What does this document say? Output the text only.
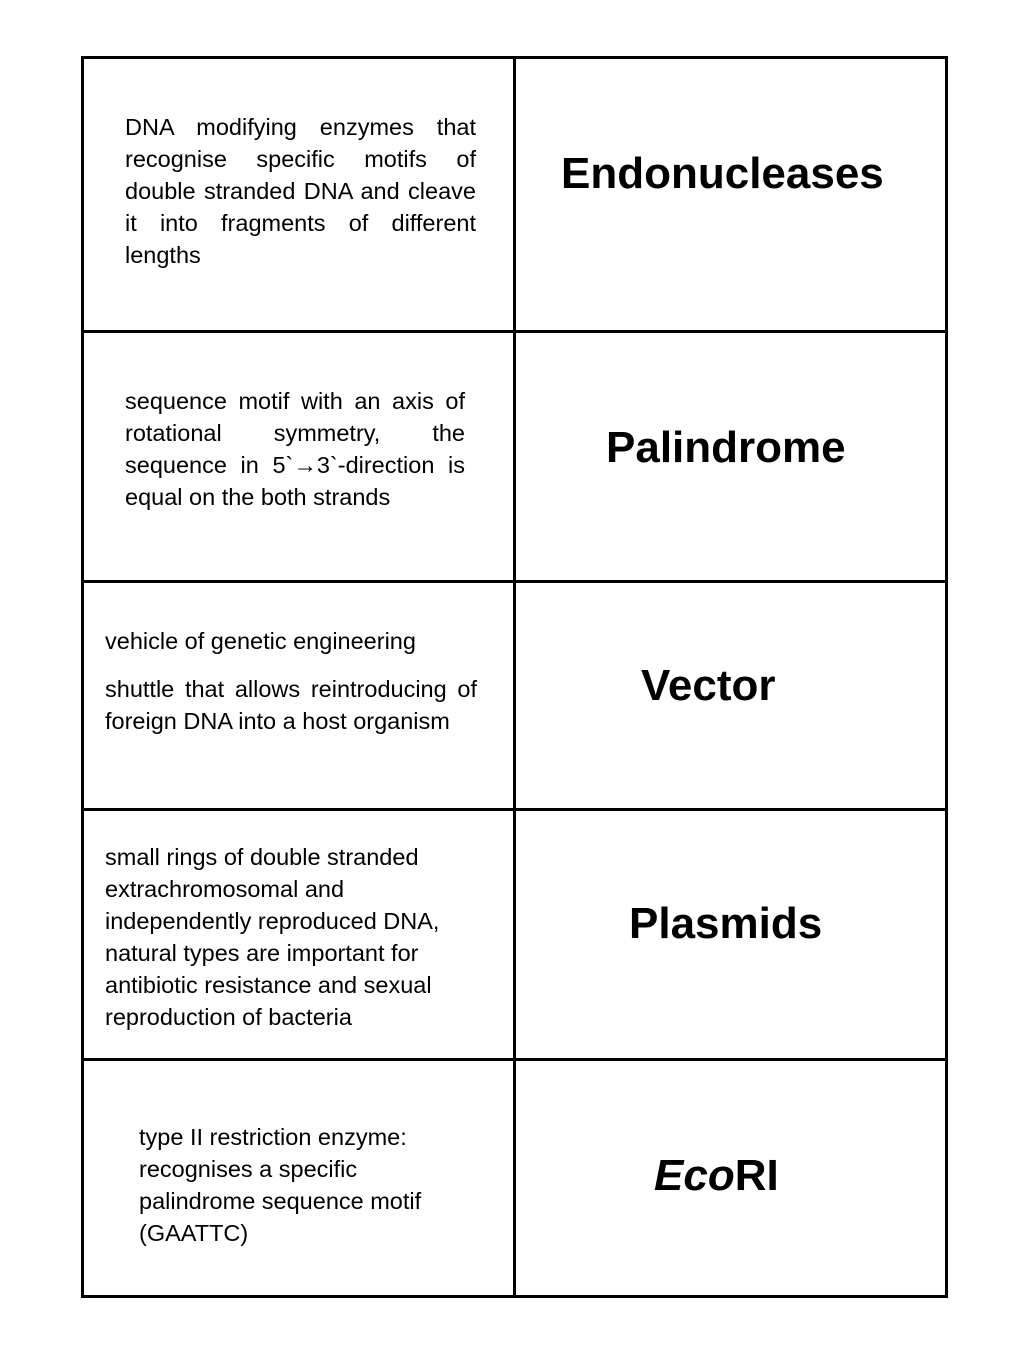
DNA modifying enzymes that recognise specific motifs of double stranded DNA and cleave it into fragments of different lengths

Endonucleases

sequence motif with an axis of rotational symmetry, the sequence in 5`→3`-direction is equal on the both strands

Palindrome

vehicle of genetic engineering

shuttle that allows reintroducing of foreign DNA into a host organism

Vector

small rings of double stranded extrachromosomal and independently reproduced DNA, natural types are important for antibiotic resistance and sexual reproduction of bacteria

Plasmids

type II restriction enzyme: recognises a specific palindrome sequence motif (GAATTC)

EcoRI
